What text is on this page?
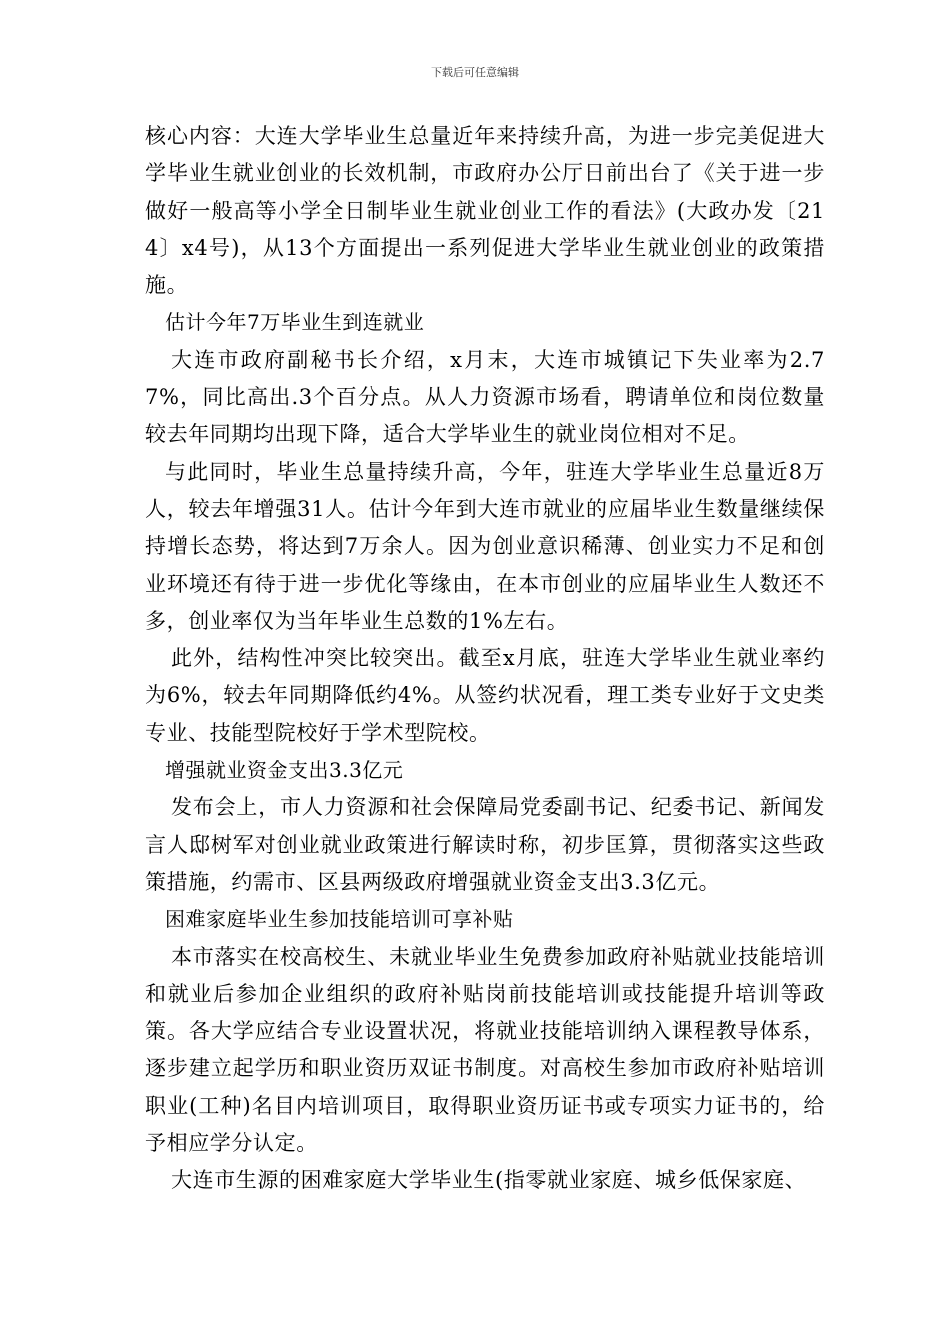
下载后可任意编辑

核心内容：大连大学毕业生总量近年来持续升高，为进一步完美促进大学毕业生就业创业的长效机制，市政府办公厅日前出台了《关于进一步做好一般高等小学全日制毕业生就业创业工作的看法》(大政办发〔214〕x4号)，从13个方面提出一系列促进大学毕业生就业创业的政策措施。

估计今年7万毕业生到连就业

大连市政府副秘书长介绍，x月末，大连市城镇记下失业率为2.77%，同比高出.3个百分点。从人力资源市场看，聘请单位和岗位数量较去年同期均出现下降，适合大学毕业生的就业岗位相对不足。

与此同时，毕业生总量持续升高，今年，驻连大学毕业生总量近8万人，较去年增强31人。估计今年到大连市就业的应届毕业生数量继续保持增长态势，将达到7万余人。因为创业意识稀薄、创业实力不足和创业环境还有待于进一步优化等缘由，在本市创业的应届毕业生人数还不多，创业率仅为当年毕业生总数的1%左右。

此外，结构性冲突比较突出。截至x月底，驻连大学毕业生就业率约为6%，较去年同期降低约4%。从签约状况看，理工类专业好于文史类专业、技能型院校好于学术型院校。

增强就业资金支出3.3亿元

发布会上，市人力资源和社会保障局党委副书记、纪委书记、新闻发言人邸树军对创业就业政策进行解读时称，初步匡算，贯彻落实这些政策措施，约需市、区县两级政府增强就业资金支出3.3亿元。

困难家庭毕业生参加技能培训可享补贴

本市落实在校高校生、未就业毕业生免费参加政府补贴就业技能培训和就业后参加企业组织的政府补贴岗前技能培训或技能提升培训等政策。各大学应结合专业设置状况，将就业技能培训纳入课程教导体系，逐步建立起学历和职业资历双证书制度。对高校生参加市政府补贴培训职业(工种)名目内培训项目，取得职业资历证书或专项实力证书的，给予相应学分认定。

大连市生源的困难家庭大学毕业生(指零就业家庭、城乡低保家庭、
